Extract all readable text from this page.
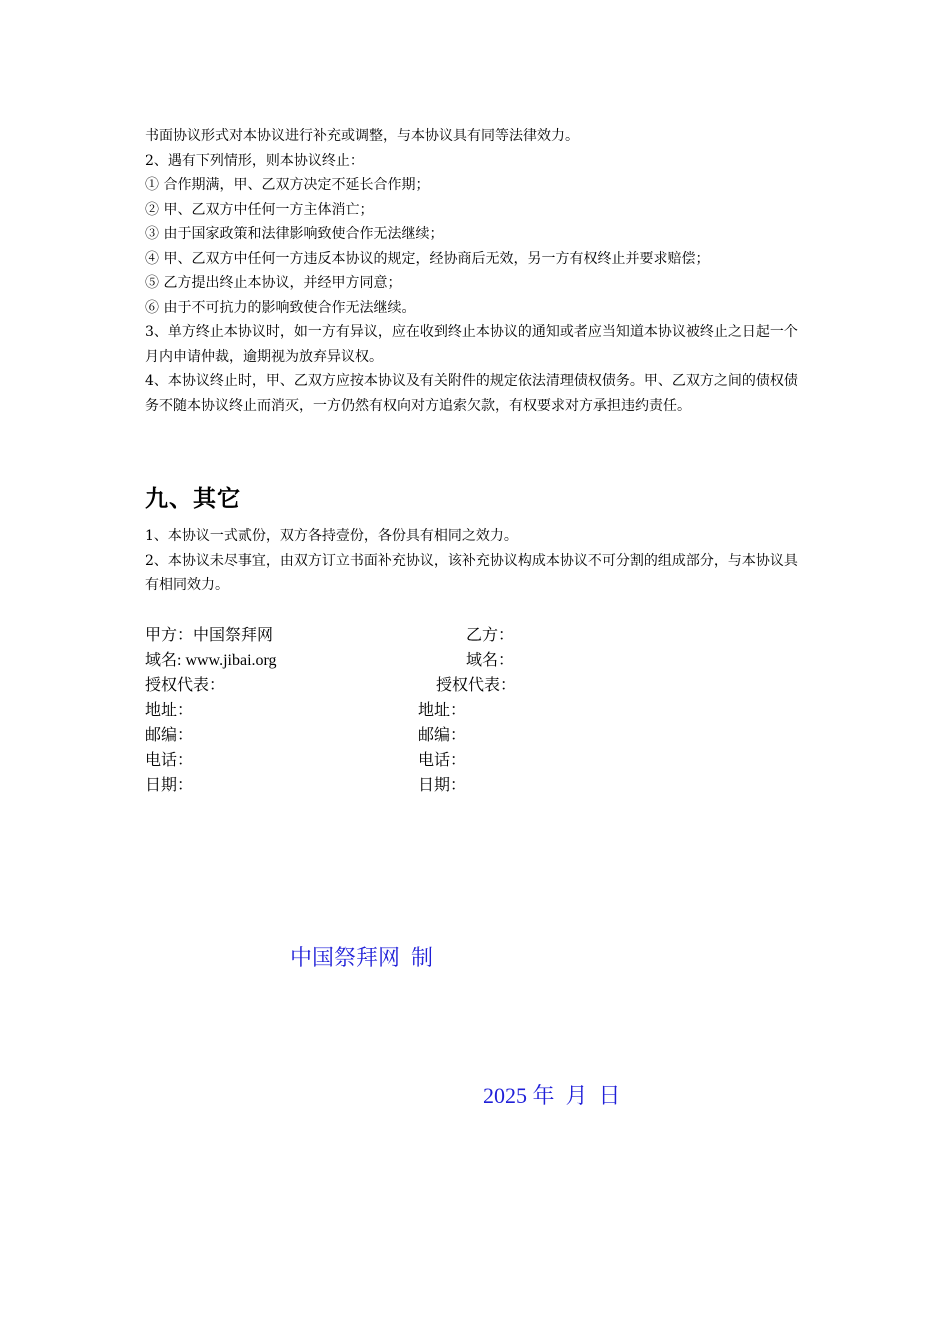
书面协议形式对本协议进行补充或调整，与本协议具有同等法律效力。

2、遇有下列情形，则本协议终止：

① 合作期满，甲、乙双方决定不延长合作期；

② 甲、乙双方中任何一方主体消亡；

③ 由于国家政策和法律影响致使合作无法继续；

④ 甲、乙双方中任何一方违反本协议的规定，经协商后无效，另一方有权终止并要求赔偿；

⑤ 乙方提出终止本协议，并经甲方同意；

⑥ 由于不可抗力的影响致使合作无法继续。

3、单方终止本协议时，如一方有异议，应在收到终止本协议的通知或者应当知道本协议被终止之日起一个月内申请仲裁，逾期视为放弃异议权。

4、本协议终止时，甲、乙双方应按本协议及有关附件的规定依法清理债权债务。甲、乙双方之间的债权债务不随本协议终止而消灭，一方仍然有权向对方追索欠款，有权要求对方承担违约责任。

九、其它

1、本协议一式贰份，双方各持壹份，各份具有相同之效力。

2、本协议未尽事宜，由双方订立书面补充协议，该补充协议构成本协议不可分割的组成部分，与本协议具有相同效力。

甲方：中国祭拜网
域名: www.jibai.org
授权代表：
地址：
邮编：
电话：
日期：
乙方：
域名：
授权代表：
地址：
邮编：
电话：
日期：
中国祭拜网  制
2025 年  月  日
